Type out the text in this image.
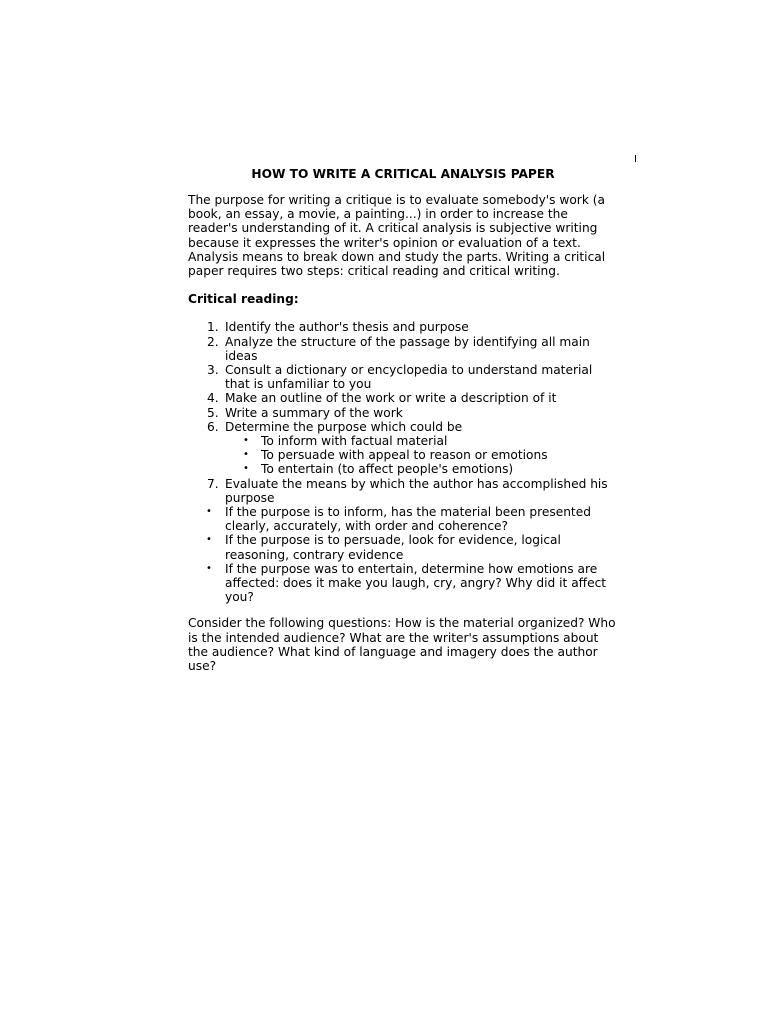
I
HOW TO WRITE A CRITICAL ANALYSIS PAPER

The purpose for writing a critique is to evaluate somebody's work (a book, an essay, a movie, a painting...) in order to increase the reader's understanding of it. A critical analysis is subjective writing because it expresses the writer's opinion or evaluation of a text. Analysis means to break down and study the parts. Writing a critical paper requires two steps: critical reading and critical writing.

Critical reading:

1. Identify the author's thesis and purpose
2. Analyze the structure of the passage by identifying all main ideas
3. Consult a dictionary or encyclopedia to understand material that is unfamiliar to you
4. Make an outline of the work or write a description of it
5. Write a summary of the work
6. Determine the purpose which could be
• To inform with factual material
• To persuade with appeal to reason or emotions
• To entertain (to affect people's emotions)
7. Evaluate the means by which the author has accomplished his purpose
• If the purpose is to inform, has the material been presented clearly, accurately, with order and coherence?
• If the purpose is to persuade, look for evidence, logical reasoning, contrary evidence
• If the purpose was to entertain, determine how emotions are affected: does it make you laugh, cry, angry? Why did it affect you?

Consider the following questions: How is the material organized? Who is the intended audience? What are the writer's assumptions about the audience? What kind of language and imagery does the author use?
